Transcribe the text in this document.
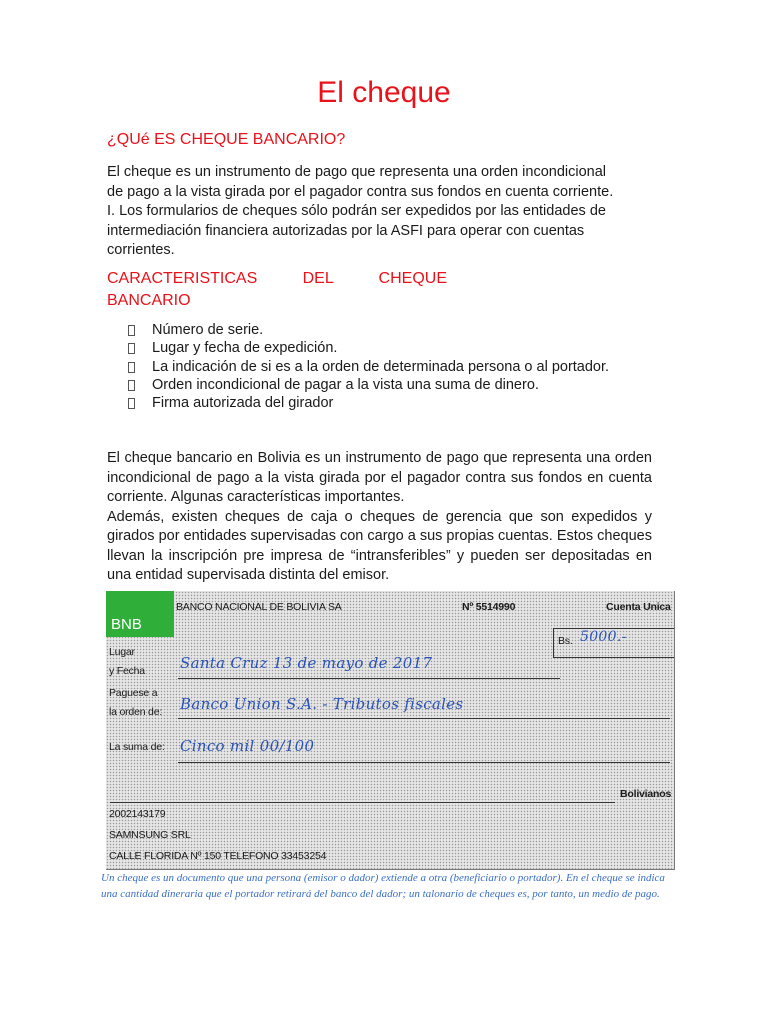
El cheque
¿QUé ES CHEQUE BANCARIO?
El cheque es un instrumento de pago que representa una orden incondicional
de pago a la vista girada por el pagador contra sus fondos en cuenta corriente.
I. Los formularios de cheques sólo podrán ser expedidos por las entidades de
intermediación financiera autorizadas por la ASFI para operar con cuentas
corrientes.
CARACTERISTICAS DEL CHEQUE
BANCARIO
Número de serie.
Lugar y fecha de expedición.
La indicación de si es a la orden de determinada persona o al portador.
Orden incondicional de pagar a la vista una suma de dinero.
Firma autorizada del girador
El cheque bancario en Bolivia es un instrumento de pago que representa una orden incondicional de pago a la vista girada por el pagador contra sus fondos en cuenta corriente. Algunas características importantes.
Además, existen cheques de caja o cheques de gerencia que son expedidos y girados por entidades supervisadas con cargo a sus propias cuentas. Estos cheques llevan la inscripción pre impresa de “intransferibles” y pueden ser depositadas en una entidad supervisada distinta del emisor.
BNB
BANCO NACIONAL DE BOLIVIA SA	Nº 5514990	Cuenta Unica
Bs. 5000.-
Lugar
y Fecha Santa Cruz 13 de mayo de 2017
Paguese a
la orden de: Banco Union S.A. - Tributos fiscales
La suma de: Cinco mil 00/100
Bolivianos
2002143179
SAMNSUNG SRL
CALLE FLORIDA Nº 150 TELEFONO 33453254
Un cheque es un documento que una persona (emisor o dador) extiende a otra (beneficiario o portador). En el cheque se indica una cantidad dineraria que el portador retirará del banco del dador; un talonario de cheques es, por tanto, un medio de pago.
